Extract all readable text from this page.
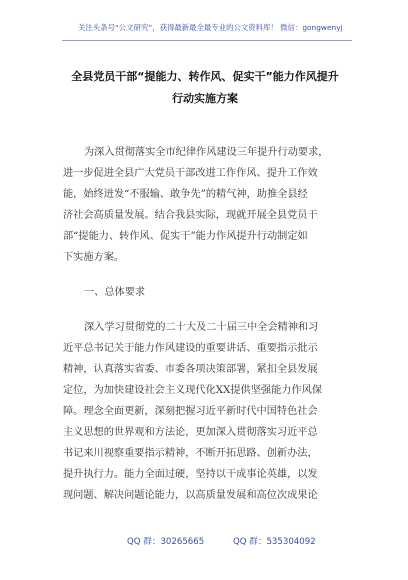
关注头条号“公文研究”，获得最新最全最专业的公文资料库！ 微信：gongwenyj
全县党员干部“提能力、转作风、促实干”能力作风提升
行动实施方案
为深入贯彻落实全市纪律作风建设三年提升行动要求，
进一步促进全县广大党员干部改进工作作风、提升工作效
能，始终迸发“不服输、敢争先”的精气神，助推全县经
济社会高质量发展。结合我县实际，现就开展全县党员干
部“提能力、转作风、促实干”能力作风提升行动制定如
下实施方案。
一、总体要求
深入学习贯彻党的二十大及二十届三中全会精神和习
近平总书记关于能力作风建设的重要讲话、重要指示批示
精神，认真落实省委、市委各项决策部署，紧扣全县发展
定位，为加快建设社会主义现代化XX提供坚强能力作风保
障。理念全面更新，深刻把握习近平新时代中国特色社会
主义思想的世界观和方法论，更加深入贯彻落实习近平总
书记来川视察重要指示精神，不断开拓思路、创新办法，
提升执行力。能力全面过硬，坚持以干成事论英雄，以发
现问题、解决问题论能力，以高质量发展和高位次成果论
QQ 群：30265665	QQ 群：535304092
